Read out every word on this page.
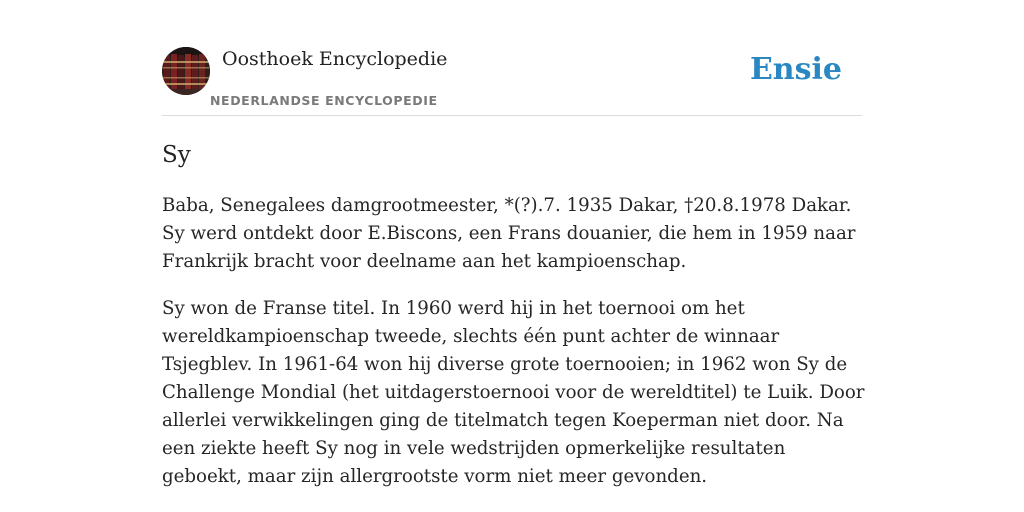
Oosthoek Encyclopedie
NEDERLANDSE ENCYCLOPEDIE
Ensie
Sy

Baba, Senegalees damgrootmeester, *(?).7. 1935 Dakar, †20.8.1978 Dakar. Sy werd ontdekt door E.Biscons, een Frans douanier, die hem in 1959 naar Frankrijk bracht voor deelname aan het kampioenschap.

Sy won de Franse titel. In 1960 werd hij in het toernooi om het wereldkampioenschap tweede, slechts één punt achter de winnaar Tsjegblev. In 1961-64 won hij diverse grote toernooien; in 1962 won Sy de Challenge Mondial (het uitdagerstoernooi voor de wereldtitel) te Luik. Door allerlei verwikkelingen ging de titelmatch tegen Koeperman niet door. Na een ziekte heeft Sy nog in vele wedstrijden opmerkelijke resultaten geboekt, maar zijn allergrootste vorm niet meer gevonden.
